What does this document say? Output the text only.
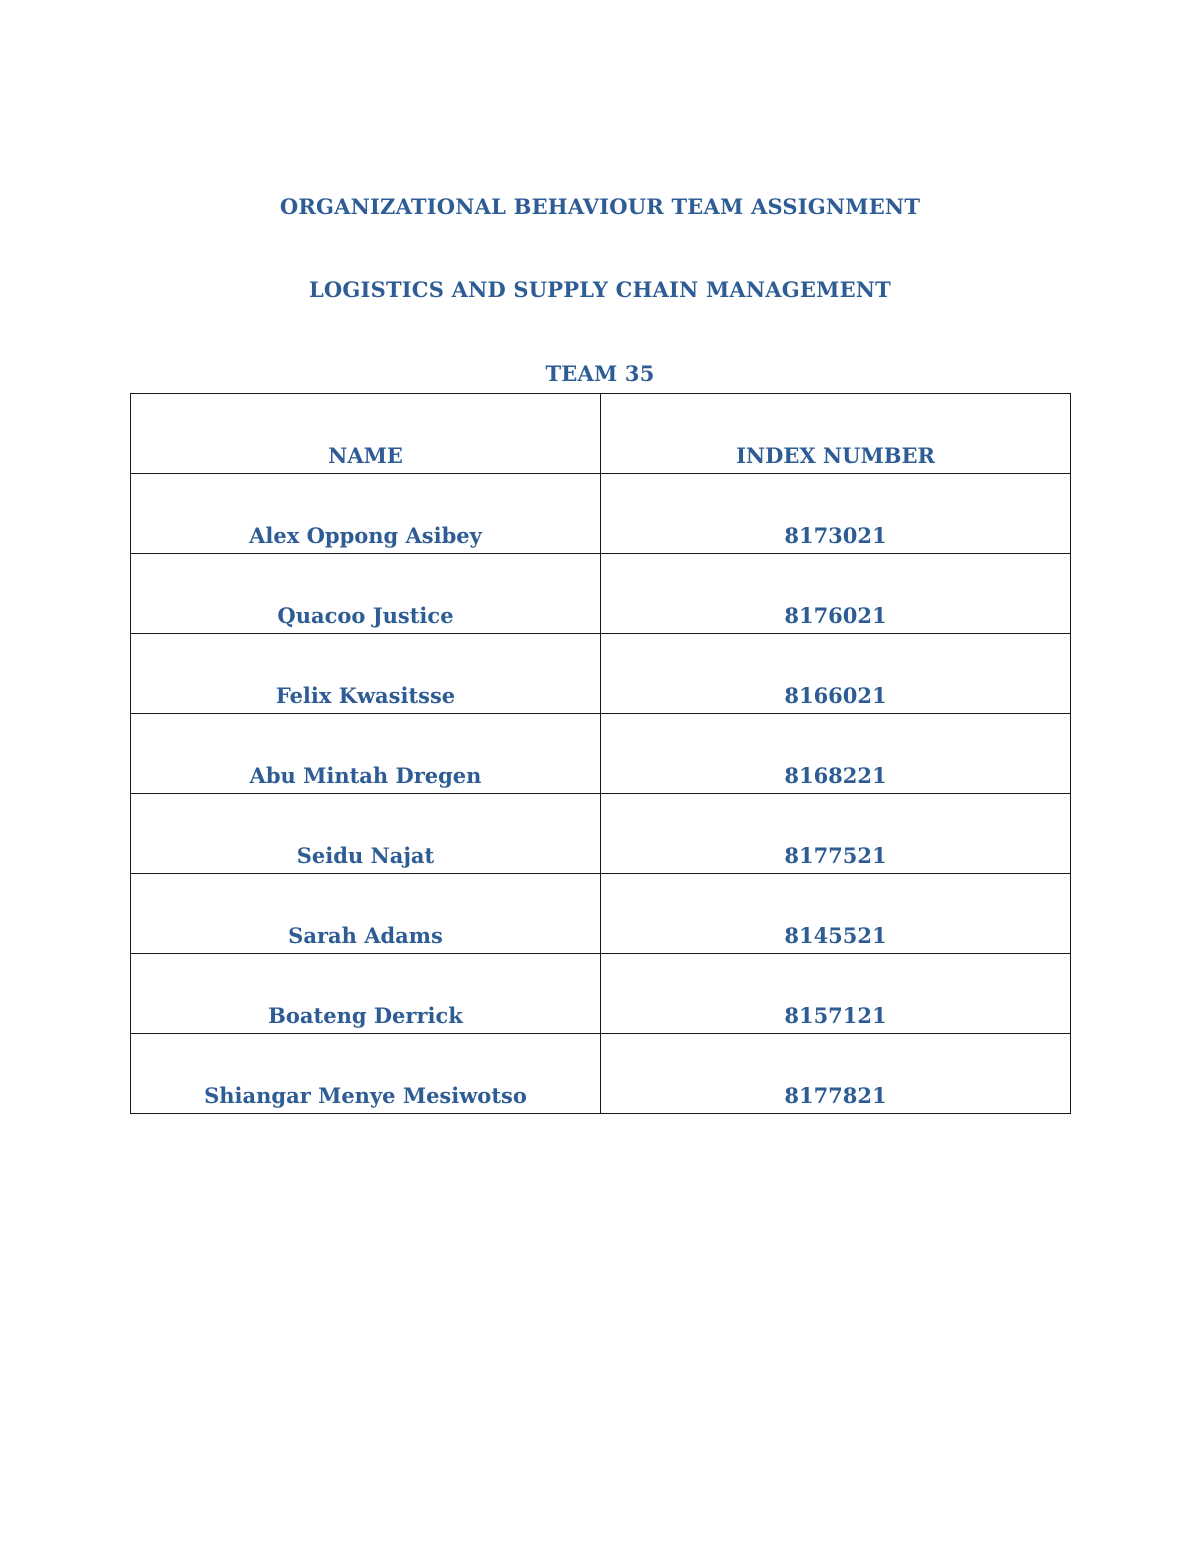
ORGANIZATIONAL BEHAVIOUR TEAM ASSIGNMENT
LOGISTICS AND SUPPLY CHAIN MANAGEMENT
TEAM 35
NAME	INDEX NUMBER
Alex Oppong Asibey	8173021
Quacoo Justice	8176021
Felix Kwasitsse	8166021
Abu Mintah Dregen	8168221
Seidu Najat	8177521
Sarah Adams	8145521
Boateng Derrick	8157121
Shiangar Menye Mesiwotso	8177821
